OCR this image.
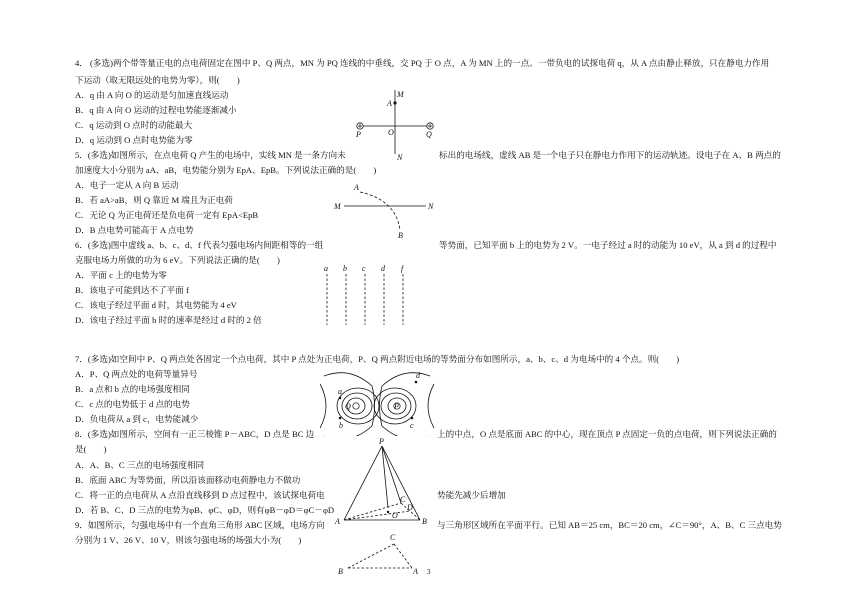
4． (多选)两个带等量正电的点电荷固定在图中 P、Q 两点，MN 为 PQ 连线的中垂线，交 PQ 于 O 点，A 为 MN 上的一点。一带负电的试探电荷 q，从 A 点由静止释放，只在静电力作用
下运动（取无限远处的电势为零），则(　　)
A．q 由 A 向 O 的运动是匀加速直线运动
B．q 由 A 向 O 运动的过程电势能逐渐减小
C．q 运动到 O 点时的动能最大
D．q 运动到 O 点时电势能为零
5．(多选)如图所示，在点电荷 Q 产生的电场中，实线 MN 是一条方向未	标出的电场线，虚线 AB 是一个电子只在静电力作用下的运动轨迹。设电子在 A、B 两点的
加速度大小分别为 aA、aB，电势能分别为 EpA、EpB。下列说法正确的是(　　)
A．电子一定从 A 向 B 运动
B．若 aA>aB，则 Q 靠近 M 端且为正电荷
C．无论 Q 为正电荷还是负电荷一定有 EpA<EpB
D．B 点电势可能高于 A 点电势
6．(多选)图中虚线 a、b、c、d、f 代表匀强电场内间距相等的一组	等势面，已知平面 b 上的电势为 2 V。一电子经过 a 时的动能为 10 eV，从 a 到 d 的过程中
克服电场力所做的功为 6 eV。下列说法正确的是(　　)
A．平面 c 上的电势为零
B．该电子可能到达不了平面 f
C．该电子经过平面 d 时，其电势能为 4 eV
D．该电子经过平面 b 时的速率是经过 d 时的 2 倍
7．(多选)如空间中 P、Q 两点处各固定一个点电荷，其中 P 点处为正电荷，P、Q 两点附近电场的等势面分布如图所示，a、b、c、d 为电场中的 4 个点。则(　　)
A．P、Q 两点处的电荷等量异号
B．a 点和 b 点的电场强度相同
C．c 点的电势低于 d 点的电势
D．负电荷从 a 到 c，电势能减少
8．(多选)如图所示，空间有一正三棱锥 P－ABC，D 点是 BC 边	上的中点，O 点是底面 ABC 的中心，现在顶点 P 点固定一负的点电荷，则下列说法正确的
是(　　)
A．A、B、C 三点的电场强度相同
B．底面 ABC 为等势面，所以沿该面移动电荷静电力不做功
C．将一正的点电荷从 A 点沿直线移到 D 点过程中，该试探电荷电	势能先减少后增加
D．若 B、C、D 三点的电势为φB、φC、φD，则有φB－φD＝φC－φD
9．如图所示，匀强电场中有一个直角三角形 ABC 区域，电场方向	与三角形区域所在平面平行。已知 AB＝25 cm，BC＝20 cm，∠C＝90°，A、B、C 三点电势
分别为 1 V、26 V、10 V，则该匀强电场的场强大小为(　　)
M
A
P	O	Q
N
A
M	N
B
a b c d f
a
b	c
d
Q	P
P
A	B
C
D
O
C
B	A 3
